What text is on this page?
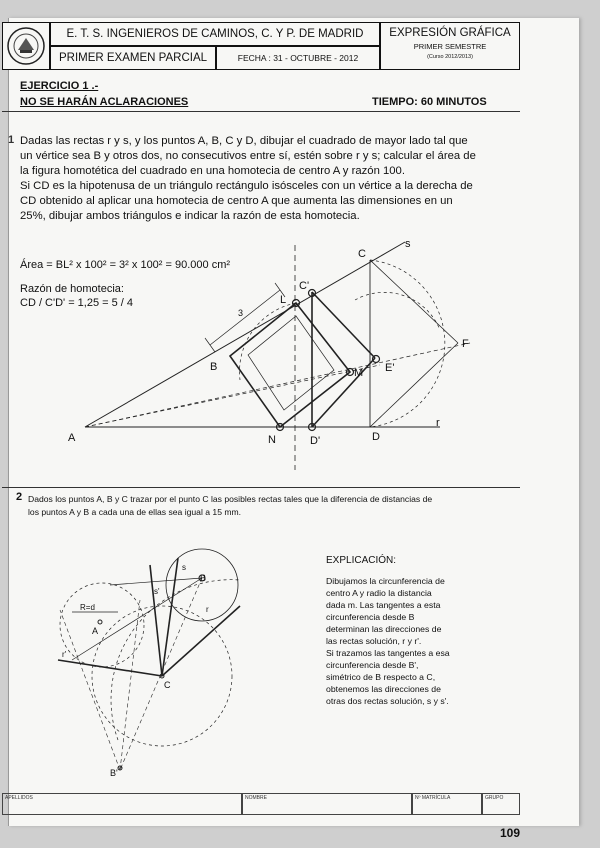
E. T. S. INGENIEROS DE CAMINOS, C. Y P. DE MADRID	EXPRESIÓN GRÁFICA
PRIMER SEMESTRE
(Curso 2012/2013)
PRIMER EXAMEN PARCIAL	FECHA : 31 - OCTUBRE - 2012
EJERCICIO 1 .-
NO SE HARÁN ACLARACIONES	TIEMPO: 60 MINUTOS
1 Dadas las rectas r y s, y los puntos A, B, C y D, dibujar el cuadrado de mayor lado tal que
un vértice sea B y otros dos, no consecutivos entre sí, estén sobre r y s; calcular el área de
la figura homotética del cuadrado en una homotecia de centro A y razón 100.
Si CD es la hipotenusa de un triángulo rectángulo isósceles con un vértice a la derecha de
CD obtenido al aplicar una homotecia de centro A que aumenta las dimensiones en un
25%, dibujar ambos triángulos e indicar la razón de esta homotecia.
Área = BL² x 100² = 3² x 100² = 90.000 cm²
Razón de homotecia:
CD / C'D' = 1,25 = 5 / 4
s
r
A
B
C
D
L
N
M E'
F
C'
D'
3
2 Dados los puntos A, B y C trazar por el punto C las posibles rectas tales que la diferencia de distancias de
los puntos A y B a cada una de ellas sea igual a 15 mm.
EXPLICACIÓN:
Dibujamos la circunferencia de
centro A y radio la distancia
dada m. Las tangentes a esta
circunferencia desde B
determinan las direcciones de
las rectas solución, r y r'.
Si trazamos las tangentes a esa
circunferencia desde B',
simétrico de B respecto a C,
obtenemos las direcciones de
otras dos rectas solución, s y s'.
A
B
C
B'
R=d	r
r'
s
s'
APELLIDOS	NOMBRE	Nº MATRÍCULA	GRUPO
109
